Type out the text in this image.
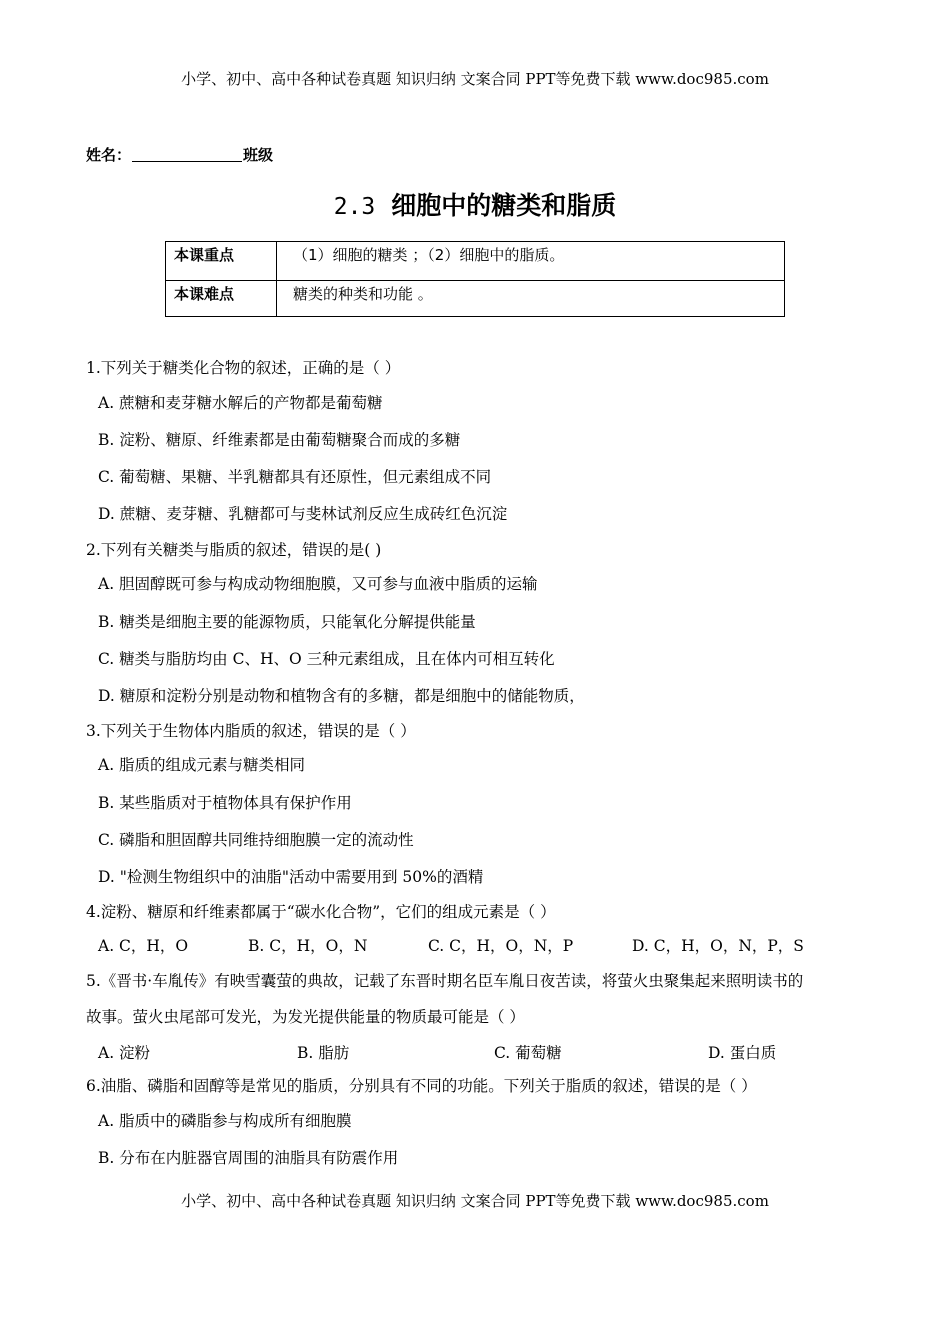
小学、初中、高中各种试卷真题 知识归纳 文案合同 PPT等免费下载 www.doc985.com
姓名：	班级
2.3 细胞中的糖类和脂质
本课重点	（1）细胞的糖类 ；（2）细胞中的脂质。
本课难点	糖类的种类和功能 。
1.下列关于糖类化合物的叙述，正确的是（ ）
A. 蔗糖和麦芽糖水解后的产物都是葡萄糖
B. 淀粉、糖原、纤维素都是由葡萄糖聚合而成的多糖
C. 葡萄糖、果糖、半乳糖都具有还原性，但元素组成不同
D. 蔗糖、麦芽糖、乳糖都可与斐林试剂反应生成砖红色沉淀
2.下列有关糖类与脂质的叙述，错误的是( )
A. 胆固醇既可参与构成动物细胞膜，又可参与血液中脂质的运输
B. 糖类是细胞主要的能源物质，只能氧化分解提供能量
C. 糖类与脂肪均由 C、H、O 三种元素组成，且在体内可相互转化
D. 糖原和淀粉分别是动物和植物含有的多糖，都是细胞中的储能物质，
3.下列关于生物体内脂质的叙述，错误的是（ ）
A. 脂质的组成元素与糖类相同
B. 某些脂质对于植物体具有保护作用
C. 磷脂和胆固醇共同维持细胞膜一定的流动性
D. "检测生物组织中的油脂"活动中需要用到 50%的酒精
4.淀粉、糖原和纤维素都属于“碳水化合物”，它们的组成元素是（ ）
A. C，H，O	B. C，H，O，N	C. C，H，O，N，P	D. C，H，O，N，P，S
5.《晋书·车胤传》有映雪囊萤的典故，记载了东晋时期名臣车胤日夜苦读，将萤火虫聚集起来照明读书的
故事。萤火虫尾部可发光，为发光提供能量的物质最可能是（ ）
A. 淀粉	B. 脂肪	C. 葡萄糖	D. 蛋白质
6.油脂、磷脂和固醇等是常见的脂质，分别具有不同的功能。下列关于脂质的叙述，错误的是（ ）
A. 脂质中的磷脂参与构成所有细胞膜
B. 分布在内脏器官周围的油脂具有防震作用
小学、初中、高中各种试卷真题 知识归纳 文案合同 PPT等免费下载 www.doc985.com
